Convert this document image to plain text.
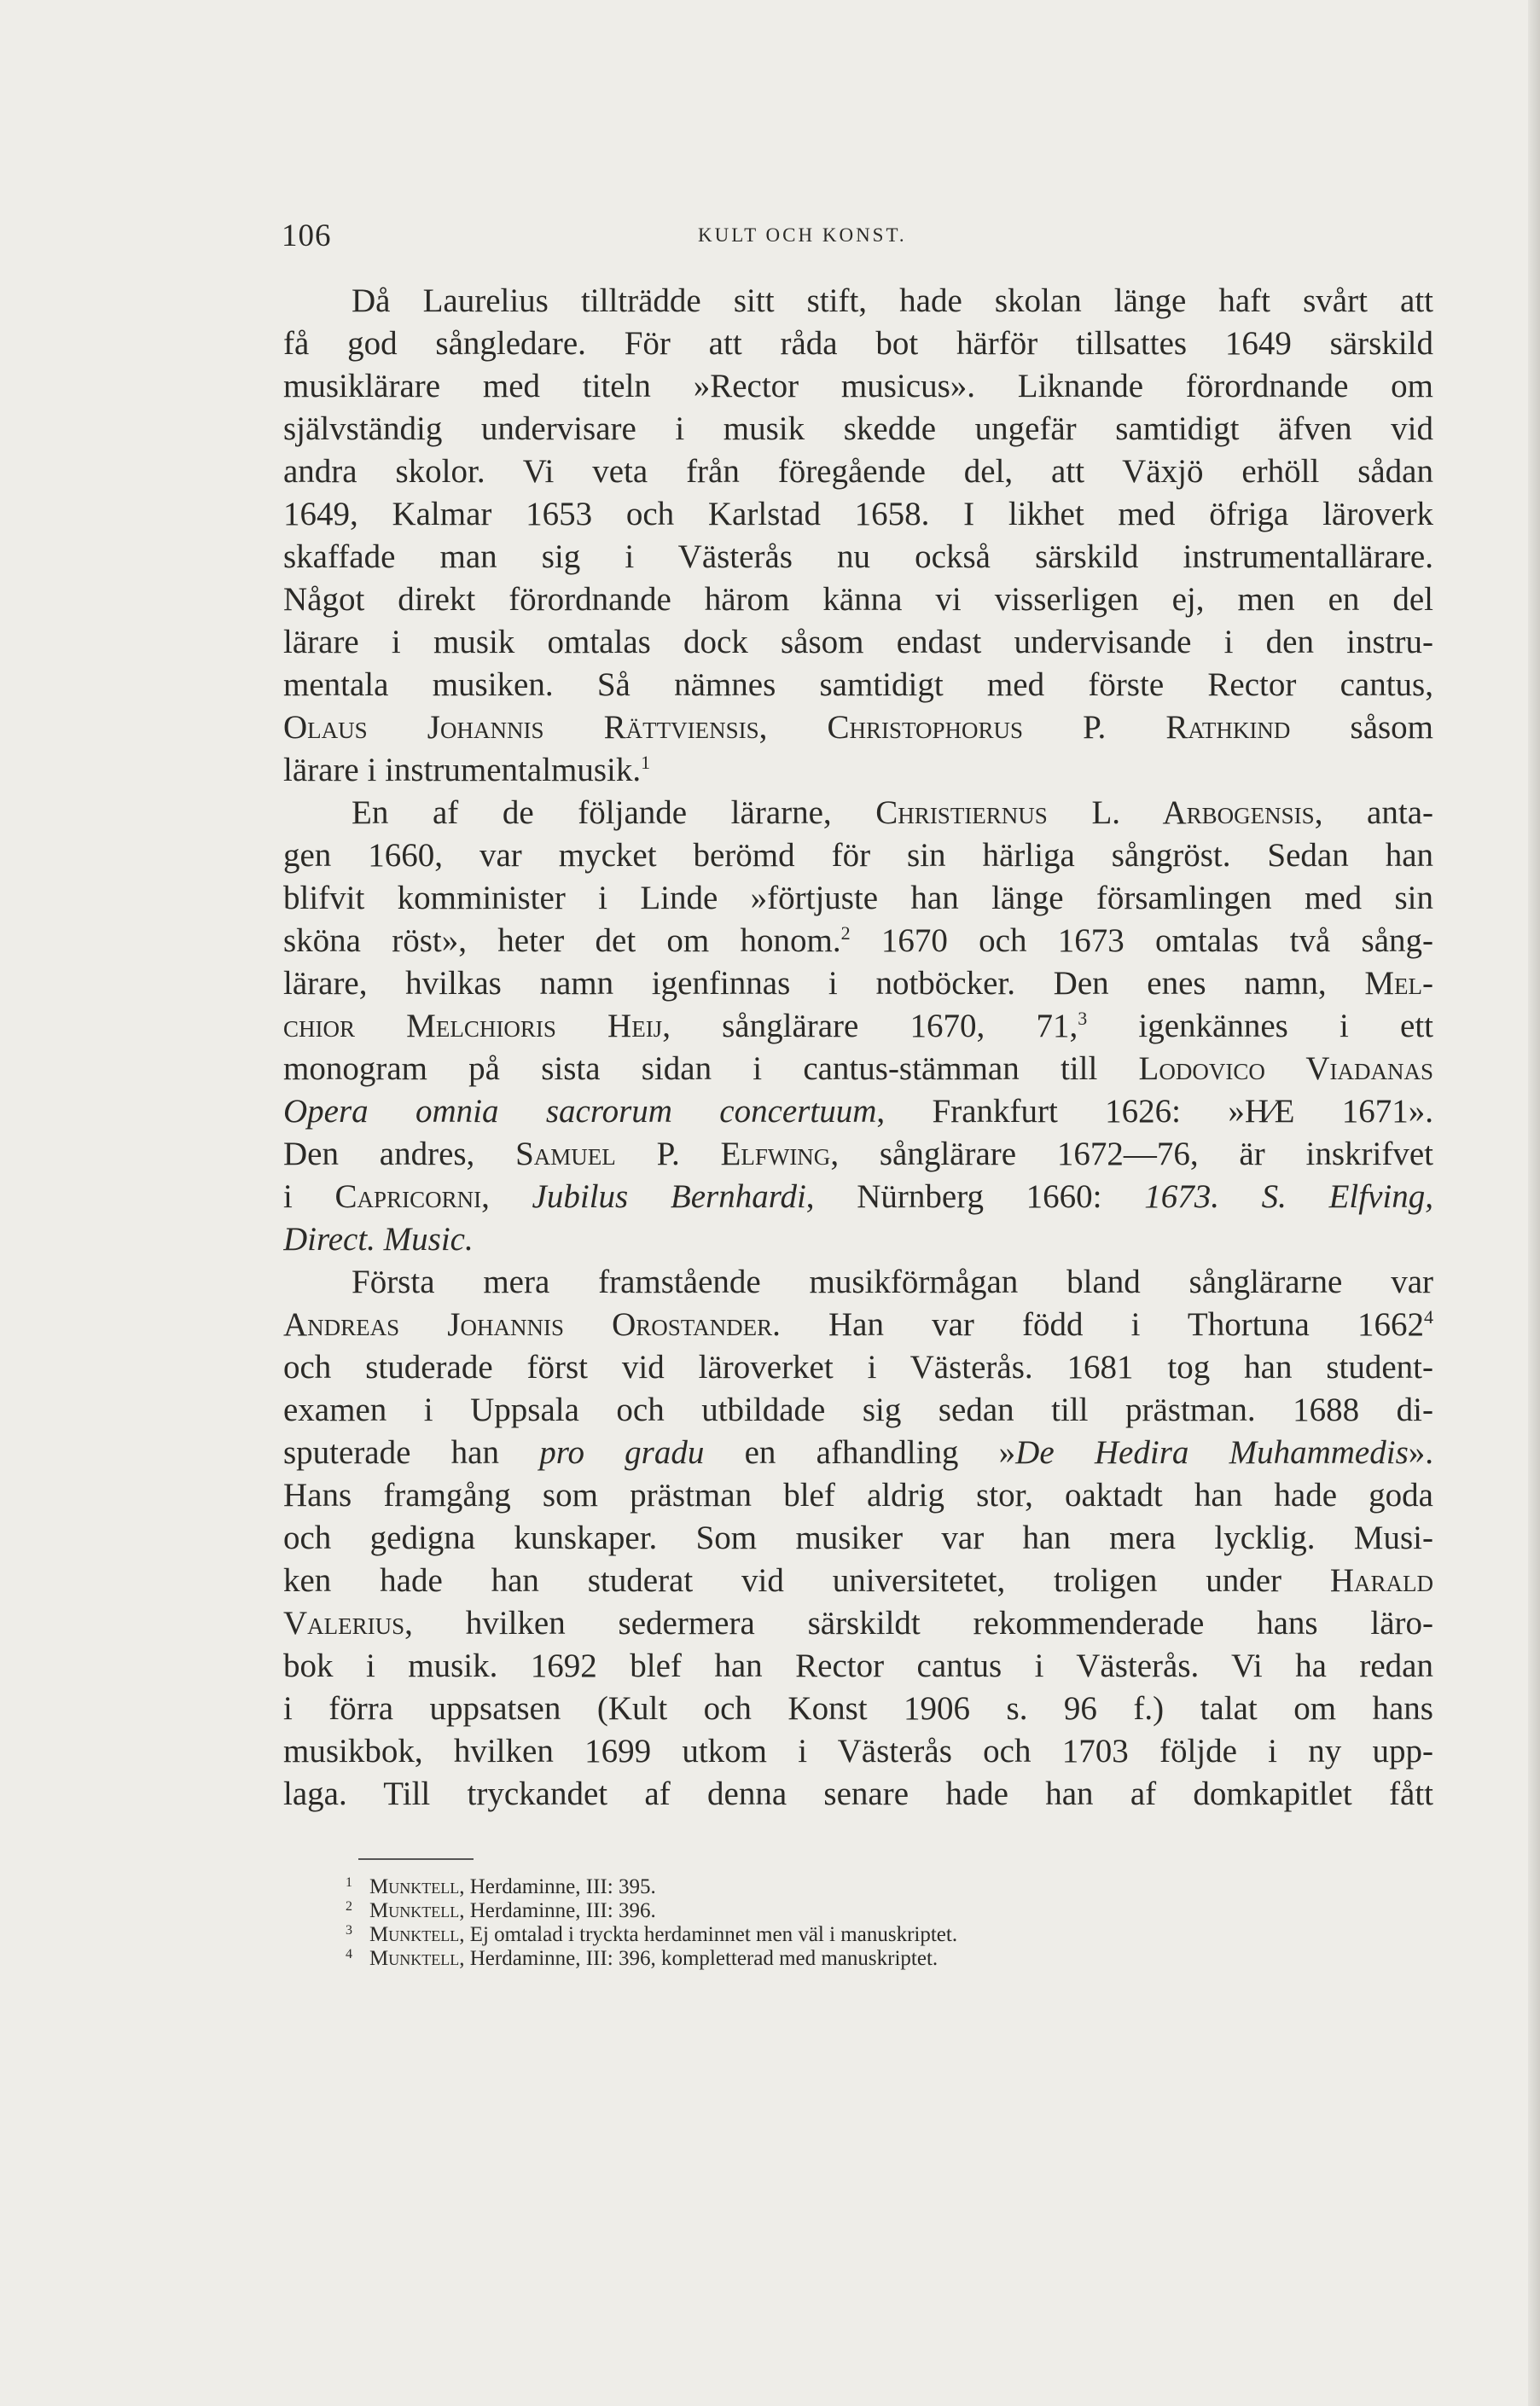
106	KULT OCH KONST.
Då Laurelius tillträdde sitt stift, hade skolan länge haft svårt att
få god sångledare. För att råda bot härför tillsattes 1649 särskild
musiklärare med titeln »Rector musicus». Liknande förordnande om
självständig undervisare i musik skedde ungefär samtidigt äfven vid
andra skolor. Vi veta från föregående del, att Växjö erhöll sådan
1649, Kalmar 1653 och Karlstad 1658. I likhet med öfriga läroverk
skaffade man sig i Västerås nu också särskild instrumentallärare.
Något direkt förordnande härom känna vi visserligen ej, men en del
lärare i musik omtalas dock såsom endast undervisande i den instru-
mentala musiken. Så nämnes samtidigt med förste Rector cantus,
Olaus Johannis Rättviensis, Christophorus P. Rathkind såsom
lärare i instrumentalmusik.$^1$
En af de följande lärarne, Christiernus L. Arbogensis, anta-
gen 1660, var mycket berömd för sin härliga sångröst. Sedan han
blifvit komminister i Linde »förtjuste han länge församlingen med sin
sköna röst», heter det om honom.$^2$ 1670 och 1673 omtalas två sång-
lärare, hvilkas namn igenfinnas i notböcker. Den enes namn, Mel-
chior Melchioris Heij, sånglärare 1670, 71,$^3$ igenkännes i ett
monogram på sista sidan i cantus-stämman till Lodovico Viadanas
Opera omnia sacrorum concertuum, Frankfurt 1626: »H⁄E 1671».
Den andres, Samuel P. Elfwing, sånglärare 1672—76, är inskrifvet
i Capricorni, Jubilus Bernhardi, Nürnberg 1660: 1673. S. Elfving,
Direct. Music.
Första mera framstående musikförmågan bland sånglärarne var
Andreas Johannis Orostander. Han var född i Thortuna 1662$^4$
och studerade först vid läroverket i Västerås. 1681 tog han student-
examen i Uppsala och utbildade sig sedan till prästman. 1688 di-
sputerade han pro gradu en afhandling »De Hedira Muhammedis».
Hans framgång som prästman blef aldrig stor, oaktadt han hade goda
och gedigna kunskaper. Som musiker var han mera lycklig. Musi-
ken hade han studerat vid universitetet, troligen under Harald
Valerius, hvilken sedermera särskildt rekommenderade hans läro-
bok i musik. 1692 blef han Rector cantus i Västerås. Vi ha redan
i förra uppsatsen (Kult och Konst 1906 s. 96 f.) talat om hans
musikbok, hvilken 1699 utkom i Västerås och 1703 följde i ny upp-
laga. Till tryckandet af denna senare hade han af domkapitlet fått
1 Munktell, Herdaminne, III: 395.
2 Munktell, Herdaminne, III: 396.
3 Munktell, Ej omtalad i tryckta herdaminnet men väl i manuskriptet.
4 Munktell, Herdaminne, III: 396, kompletterad med manuskriptet.
